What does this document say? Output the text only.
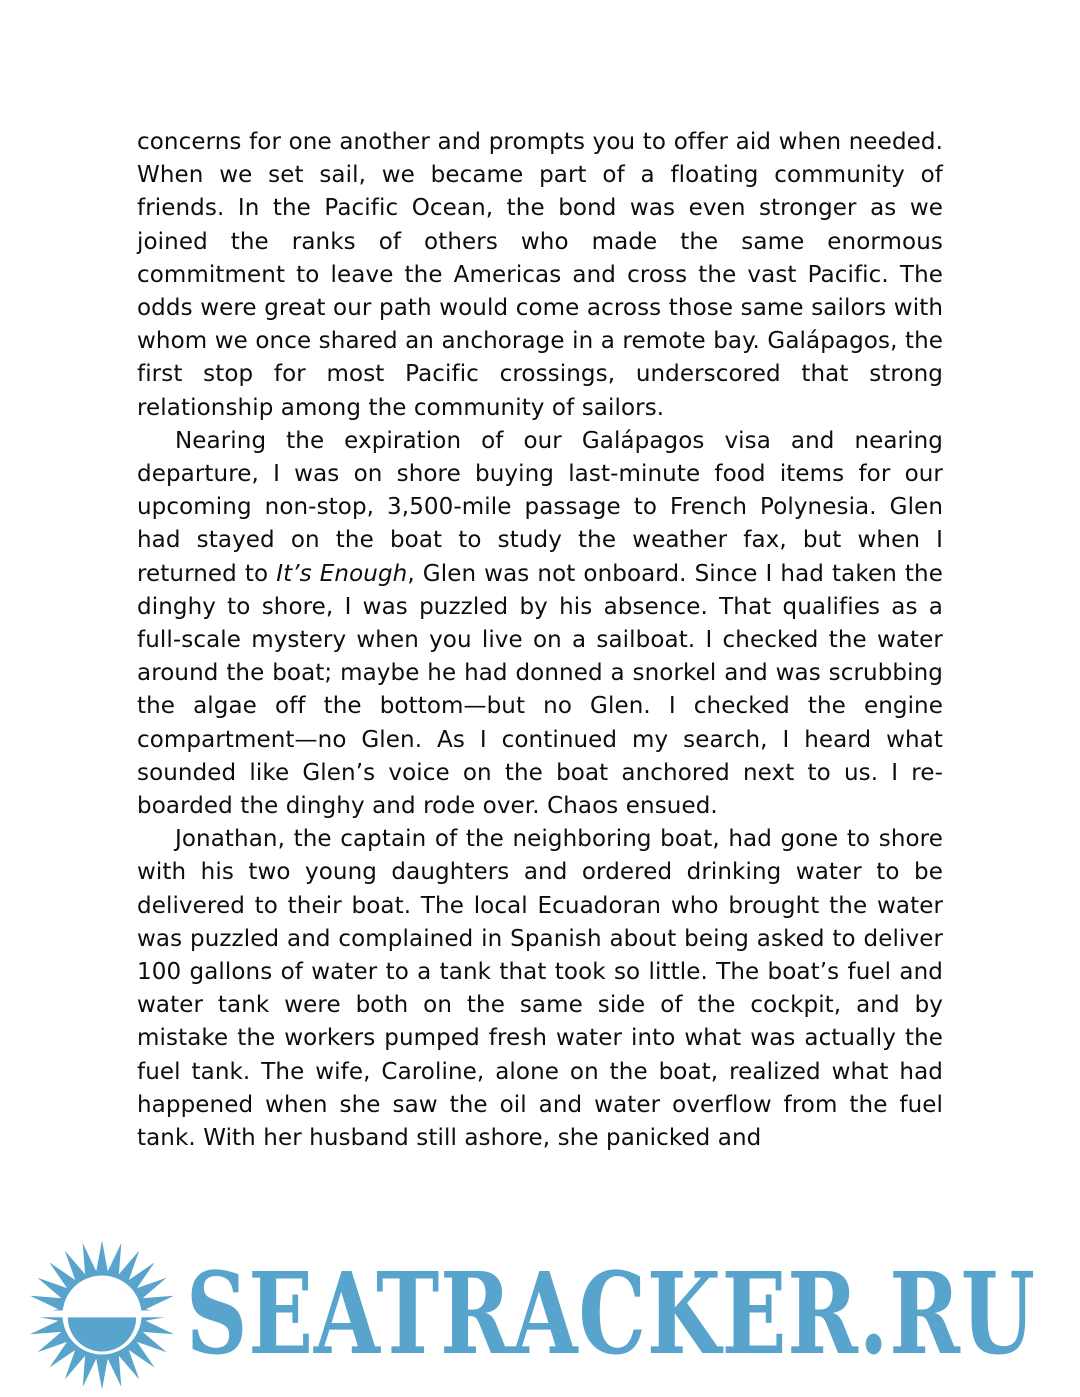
concerns for one another and prompts you to offer aid when needed. When we set sail, we became part of a floating community of friends. In the Pacific Ocean, the bond was even stronger as we joined the ranks of others who made the same enormous commitment to leave the Americas and cross the vast Pacific. The odds were great our path would come across those same sailors with whom we once shared an anchorage in a remote bay. Galápagos, the first stop for most Pacific crossings, underscored that strong relationship among the community of sailors.

Nearing the expiration of our Galápagos visa and nearing departure, I was on shore buying last-minute food items for our upcoming non-stop, 3,500-mile passage to French Polynesia. Glen had stayed on the boat to study the weather fax, but when I returned to It’s Enough, Glen was not onboard. Since I had taken the dinghy to shore, I was puzzled by his absence. That qualifies as a full-scale mystery when you live on a sailboat. I checked the water around the boat; maybe he had donned a snorkel and was scrubbing the algae off the bottom—but no Glen. I checked the engine compartment—no Glen. As I continued my search, I heard what sounded like Glen’s voice on the boat anchored next to us. I re-boarded the dinghy and rode over. Chaos ensued.

Jonathan, the captain of the neighboring boat, had gone to shore with his two young daughters and ordered drinking water to be delivered to their boat. The local Ecuadoran who brought the water was puzzled and complained in Spanish about being asked to deliver 100 gallons of water to a tank that took so little. The boat’s fuel and water tank were both on the same side of the cockpit, and by mistake the workers pumped fresh water into what was actually the fuel tank. The wife, Caroline, alone on the boat, realized what had happened when she saw the oil and water overflow from the fuel tank. With her husband still ashore, she panicked and

SEATRACKER.RU
